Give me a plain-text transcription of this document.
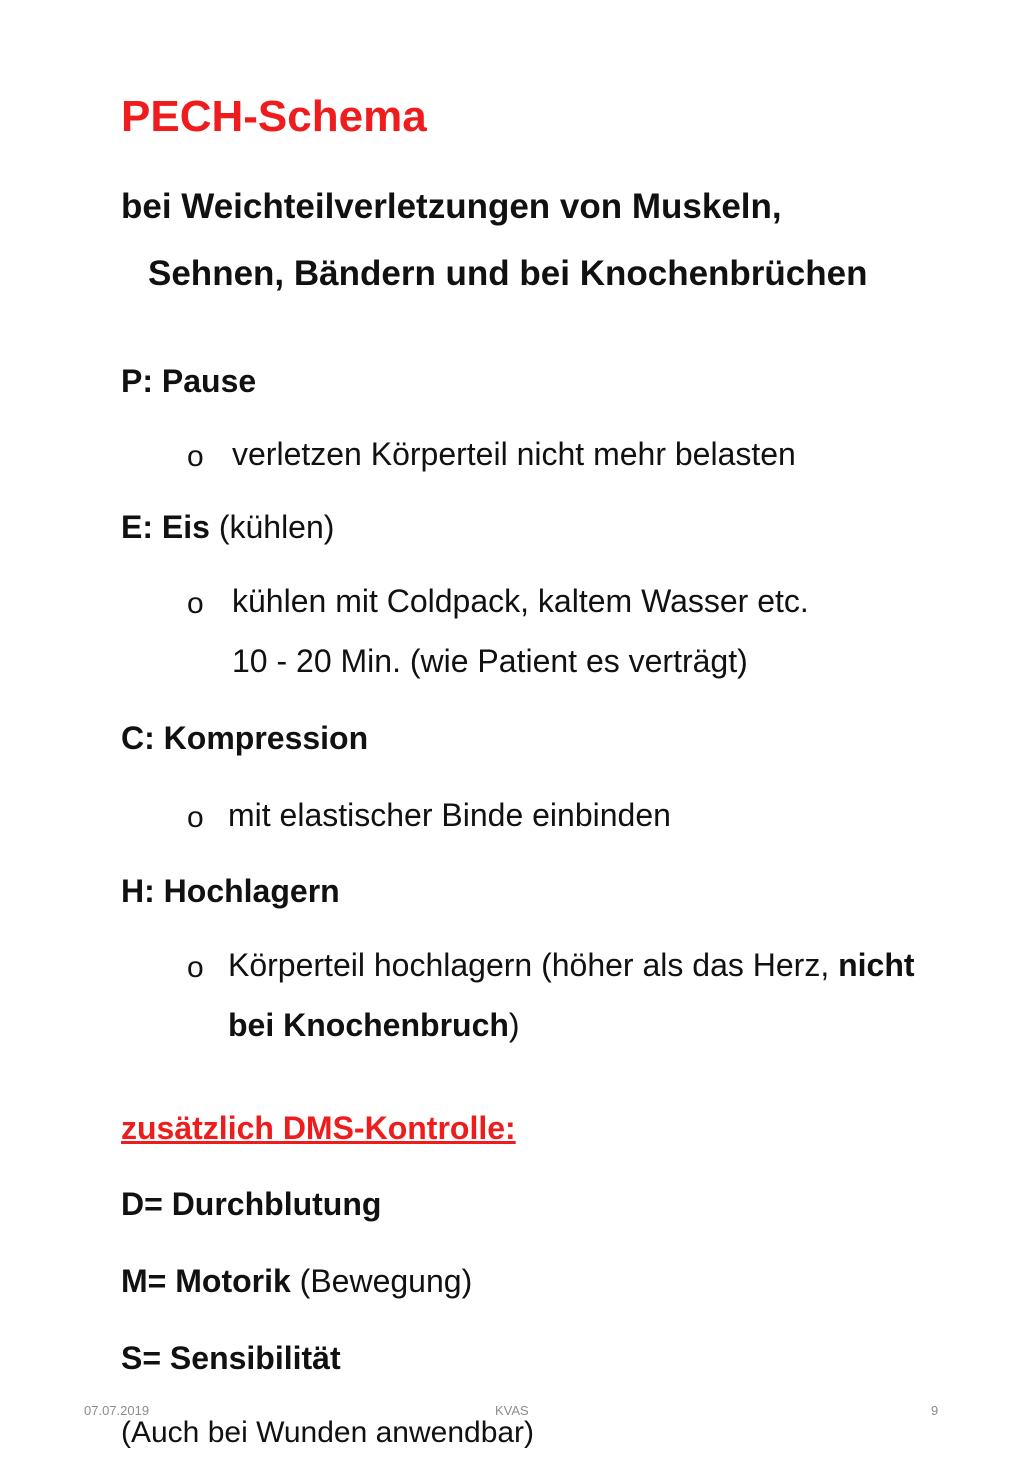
PECH-Schema
bei Weichteilverletzungen von Muskeln,
Sehnen, Bändern und bei Knochenbrüchen
P: Pause
o verletzen Körperteil nicht mehr belasten
E: Eis (kühlen)
o kühlen mit Coldpack, kaltem Wasser etc.
10 - 20 Min. (wie Patient es verträgt)
C: Kompression
o mit elastischer Binde einbinden
H: Hochlagern
o Körperteil hochlagern (höher als das Herz, nicht
bei Knochenbruch)
zusätzlich DMS-Kontrolle:
D= Durchblutung
M= Motorik (Bewegung)
S= Sensibilität
07.07.2019	KVAS	9
(Auch bei Wunden anwendbar)
